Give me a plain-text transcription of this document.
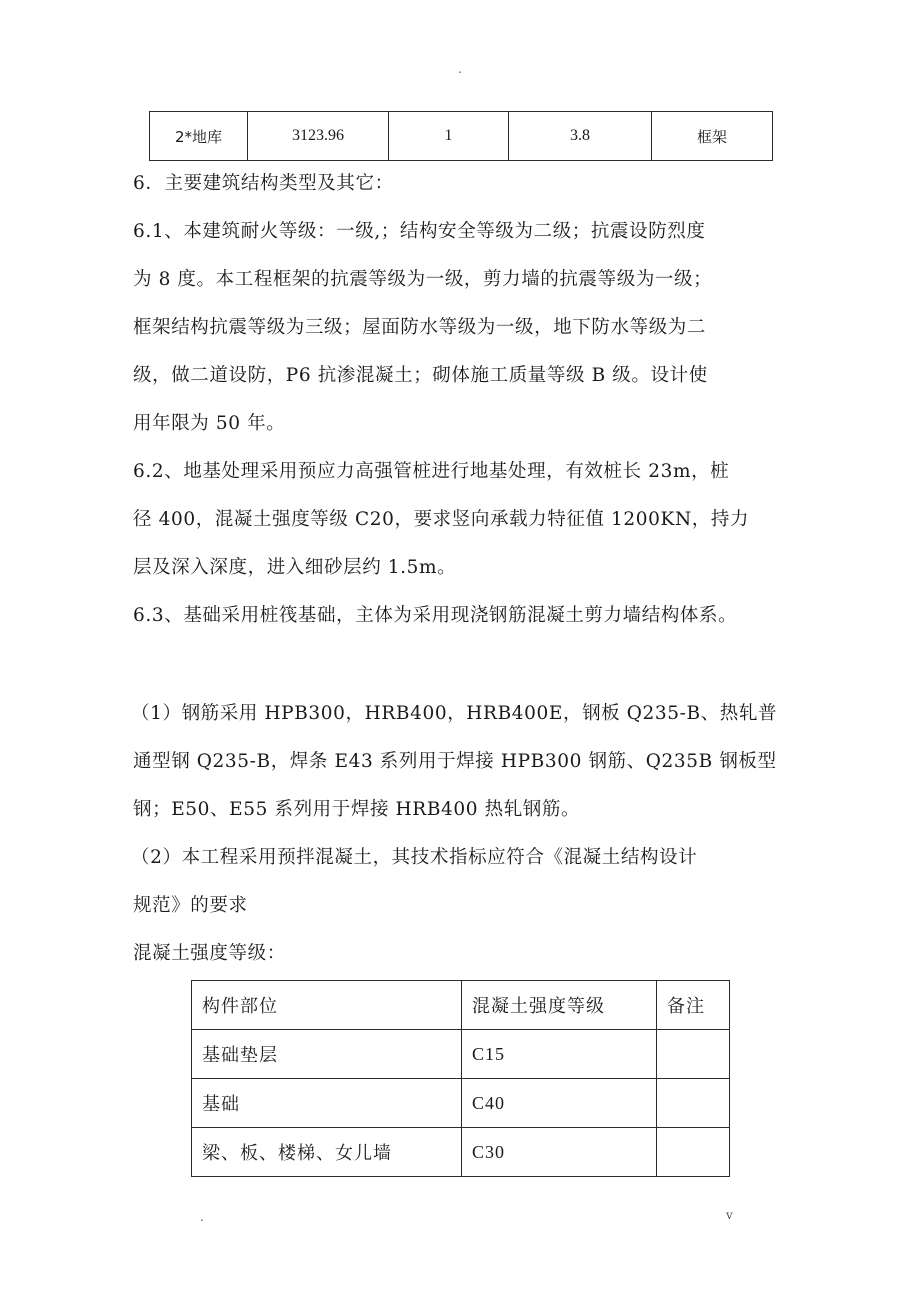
.
2*地库	3123.96	1	3.8	框架
6．主要建筑结构类型及其它：
6.1、本建筑耐火等级：一级,；结构安全等级为二级；抗震设防烈度
为 8 度。本工程框架的抗震等级为一级，剪力墙的抗震等级为一级；
框架结构抗震等级为三级；屋面防水等级为一级，地下防水等级为二
级，做二道设防，P6 抗渗混凝土；砌体施工质量等级 B 级。设计使
用年限为 50 年。
6.2、地基处理采用预应力高强管桩进行地基处理，有效桩长 23m，桩
径 400，混凝土强度等级 C20，要求竖向承载力特征值 1200KN，持力
层及深入深度，进入细砂层约 1.5m。
6.3、基础采用桩筏基础，主体为采用现浇钢筋混凝土剪力墙结构体系。
（1）钢筋采用 HPB300，HRB400，HRB400E，钢板 Q235-B、热轧普
通型钢 Q235-B，焊条 E43 系列用于焊接 HPB300 钢筋、Q235B 钢板型
钢；E50、E55 系列用于焊接 HRB400 热轧钢筋。
（2）本工程采用预拌混凝土，其技术指标应符合《混凝土结构设计
规范》的要求
混凝土强度等级：
构件部位	混凝土强度等级	备注
基础垫层	C15	
基础	C40	
梁、板、楼梯、女儿墙	C30	
.	v
